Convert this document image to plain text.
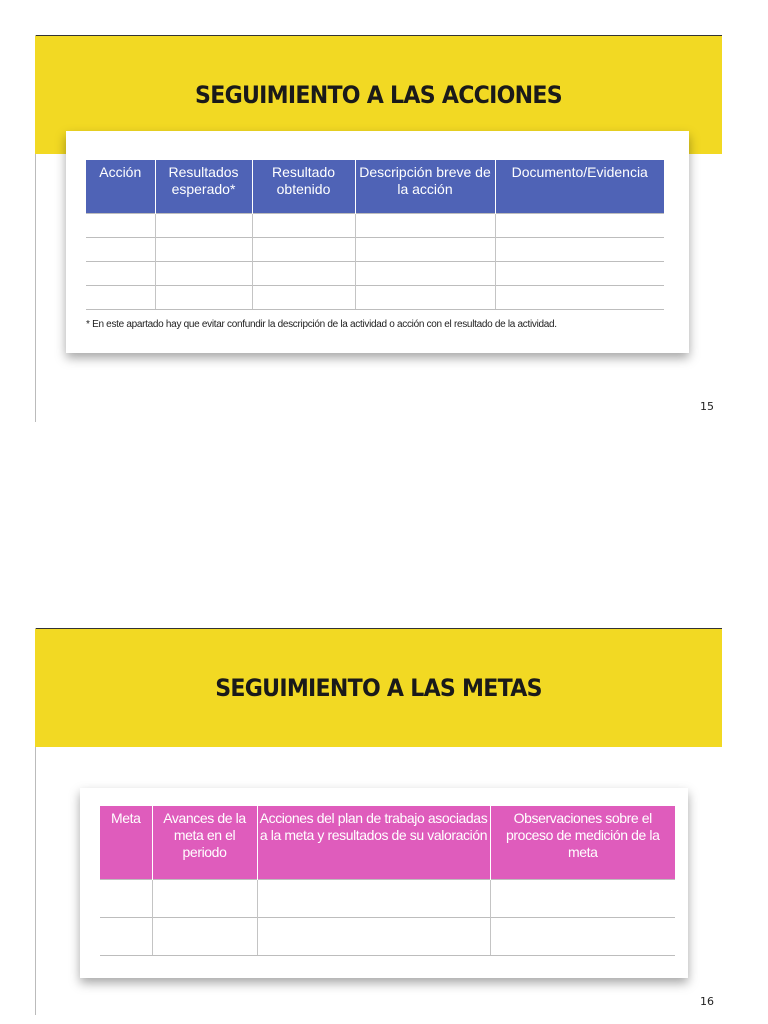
SEGUIMIENTO A LAS ACCIONES
Acción	Resultados esperado*	Resultado obtenido	Descripción breve de la acción	Documento/Evidencia

* En este apartado hay que evitar confundir la descripción de la actividad o acción con el resultado de la actividad.
15
SEGUIMIENTO A LAS METAS
Meta	Avances de la meta en el periodo	Acciones del plan de trabajo asociadas a la meta y resultados de su valoración	Observaciones sobre el proceso de medición de la meta

16
